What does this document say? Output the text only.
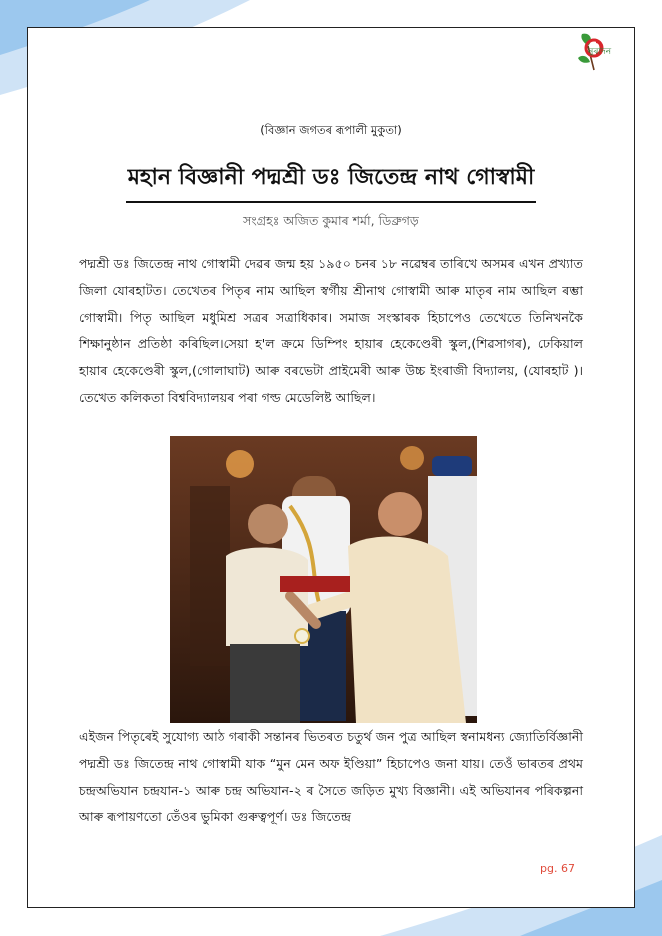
নুৰাদন
(বিজ্ঞান জগতৰ ৰূপালী মুকুতা)
মহান বিজ্ঞানী পদ্মশ্ৰী ডঃ জিতেন্দ্ৰ নাথ গোস্বামী
সংগ্ৰহঃ অজিত কুমাৰ শৰ্মা, ডিব্ৰুগড়

পদ্মশ্ৰী ডঃ জিতেন্দ্ৰ নাথ গোস্বামী দেৱৰ জন্ম হয় ১৯৫০ চনৰ ১৮ নৱেম্বৰ তাৰিখে অসমৰ এখন প্ৰখ্যাত জিলা যোৰহাটত। তেখেতৰ পিতৃৰ নাম আছিল স্বৰ্গীয় শ্ৰীনাথ গোস্বামী আৰু মাতৃৰ নাম আছিল ৰম্ভা গোস্বামী। পিতৃ আছিল মধুমিশ্ৰ সত্ৰৰ সত্ৰাধিকাৰ। সমাজ সংস্কাৰক হিচাপেও তেখেতে তিনিখনকৈ শিক্ষানুষ্ঠান প্ৰতিষ্ঠা কৰিছিল।সেয়া হ'ল ক্ৰমে ডিম্পিং হায়াৰ হেকেণ্ডেৰী স্কুল,(শিৱসাগৰ), ঢেকিয়াল হায়াৰ হেকেণ্ডেৰী স্কুল,(গোলাঘাট) আৰু বৰভেটা প্ৰাইমেৰী আৰু উচ্চ ইংৰাজী বিদ্যালয়, (যোৰহাট )। তেখেত কলিকতা বিশ্ববিদ্যালয়ৰ পৰা গল্ড মেডেলিষ্ট আছিল।

এইজন পিতৃৰেই সুযোগ্য আঠ গৰাকী সন্তানৰ ভিতৰত চতুৰ্থ জন পুত্ৰ আছিল স্বনামধন্য জ্যোতিৰ্বিজ্ঞানী পদ্মশ্ৰী ডঃ জিতেন্দ্ৰ নাথ গোস্বামী যাক “মুন মেন অফ ইণ্ডিয়া” হিচাপেও জনা যায়। তেওঁ ভাৰতৰ প্ৰথম চন্দ্ৰঅভিযান চন্দ্ৰযান-১ আৰু চন্দ্ৰ অভিযান-২ ৰ সৈতে জড়িত মুখ্য বিজ্ঞানী। এই অভিযানৰ পৰিকল্পনা আৰু ৰূপায়ণতো তেঁওৰ ভুমিকা গুৰুত্বপূৰ্ণ। ডঃ জিতেন্দ্ৰ

pg. 67
